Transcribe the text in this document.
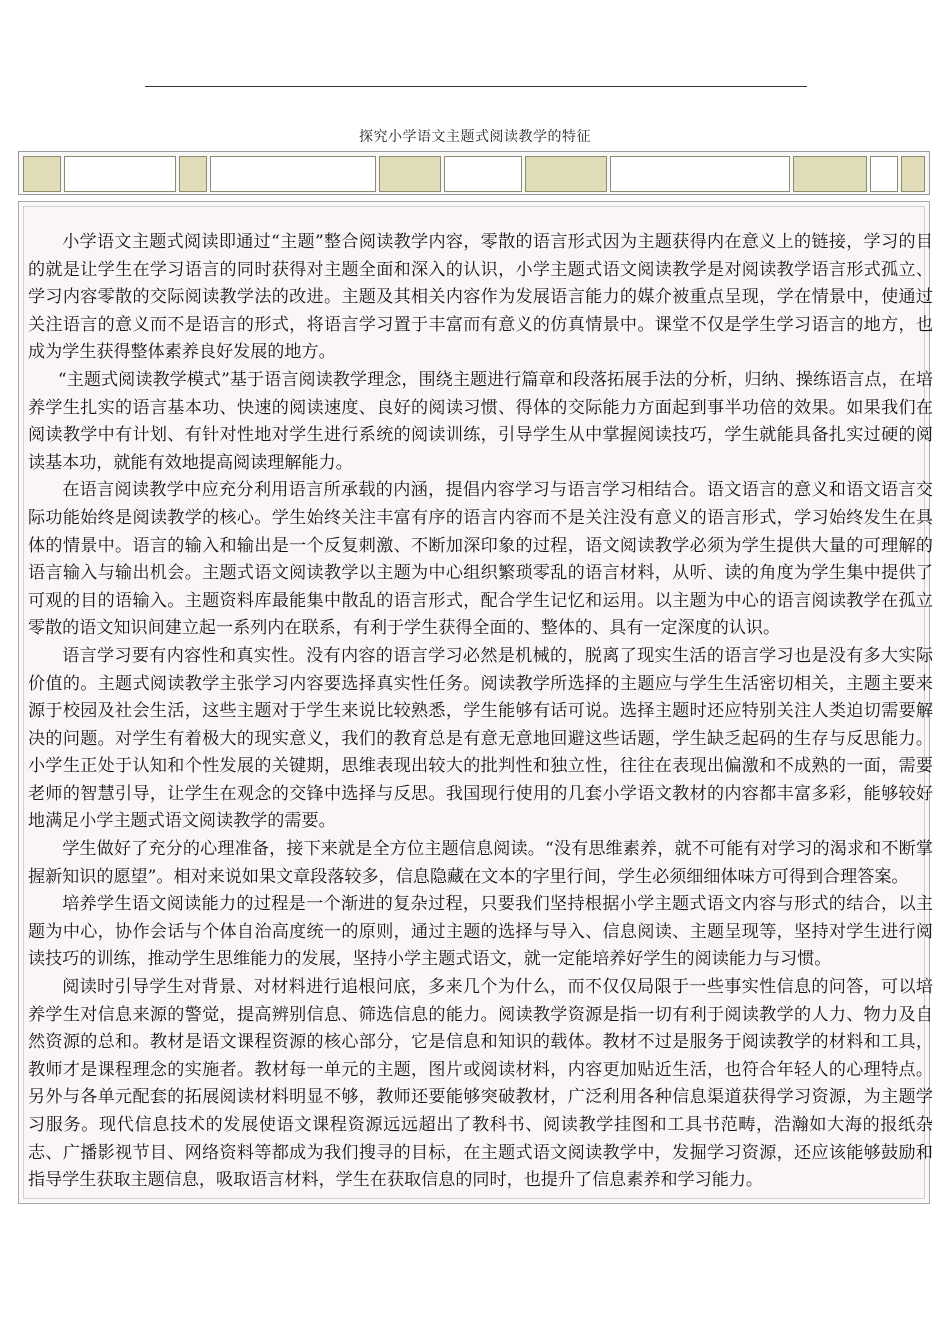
探究小学语文主题式阅读教学的特征

小学语文主题式阅读即通过“主题”整合阅读教学内容，零散的语言形式因为主题获得内在意义上的链接，学习的目的就是让学生在学习语言的同时获得对主题全面和深入的认识，小学主题式语文阅读教学是对阅读教学语言形式孤立、学习内容零散的交际阅读教学法的改进。主题及其相关内容作为发展语言能力的媒介被重点呈现，学在情景中，使通过关注语言的意义而不是语言的形式，将语言学习置于丰富而有意义的仿真情景中。课堂不仅是学生学习语言的地方，也成为学生获得整体素养良好发展的地方。

“主题式阅读教学模式”基于语言阅读教学理念，围绕主题进行篇章和段落拓展手法的分析，归纳、操练语言点，在培养学生扎实的语言基本功、快速的阅读速度、良好的阅读习惯、得体的交际能力方面起到事半功倍的效果。如果我们在阅读教学中有计划、有针对性地对学生进行系统的阅读训练，引导学生从中掌握阅读技巧，学生就能具备扎实过硬的阅读基本功，就能有效地提高阅读理解能力。

在语言阅读教学中应充分利用语言所承载的内涵，提倡内容学习与语言学习相结合。语文语言的意义和语文语言交际功能始终是阅读教学的核心。学生始终关注丰富有序的语言内容而不是关注没有意义的语言形式，学习始终发生在具体的情景中。语言的输入和输出是一个反复刺激、不断加深印象的过程，语文阅读教学必须为学生提供大量的可理解的语言输入与输出机会。主题式语文阅读教学以主题为中心组织繁琐零乱的语言材料，从听、读的角度为学生集中提供了可观的目的语输入。主题资料库最能集中散乱的语言形式，配合学生记忆和运用。以主题为中心的语言阅读教学在孤立零散的语文知识间建立起一系列内在联系，有利于学生获得全面的、整体的、具有一定深度的认识。

语言学习要有内容性和真实性。没有内容的语言学习必然是机械的，脱离了现实生活的语言学习也是没有多大实际价值的。主题式阅读教学主张学习内容要选择真实性任务。阅读教学所选择的主题应与学生生活密切相关，主题主要来源于校园及社会生活，这些主题对于学生来说比较熟悉，学生能够有话可说。选择主题时还应特别关注人类迫切需要解决的问题。对学生有着极大的现实意义，我们的教育总是有意无意地回避这些话题，学生缺乏起码的生存与反思能力。小学生正处于认知和个性发展的关键期，思维表现出较大的批判性和独立性，往往在表现出偏激和不成熟的一面，需要老师的智慧引导，让学生在观念的交锋中选择与反思。我国现行使用的几套小学语文教材的内容都丰富多彩，能够较好地满足小学主题式语文阅读教学的需要。

学生做好了充分的心理准备，接下来就是全方位主题信息阅读。“没有思维素养，就不可能有对学习的渴求和不断掌握新知识的愿望”。相对来说如果文章段落较多，信息隐藏在文本的字里行间，学生必须细细体味方可得到合理答案。

培养学生语文阅读能力的过程是一个渐进的复杂过程，只要我们坚持根据小学主题式语文内容与形式的结合，以主题为中心，协作会话与个体自治高度统一的原则，通过主题的选择与导入、信息阅读、主题呈现等，坚持对学生进行阅读技巧的训练，推动学生思维能力的发展，坚持小学主题式语文，就一定能培养好学生的阅读能力与习惯。

阅读时引导学生对背景、对材料进行追根问底，多来几个为什么，而不仅仅局限于一些事实性信息的问答，可以培养学生对信息来源的警觉，提高辨别信息、筛选信息的能力。阅读教学资源是指一切有利于阅读教学的人力、物力及自然资源的总和。教材是语文课程资源的核心部分，它是信息和知识的载体。教材不过是服务于阅读教学的材料和工具，教师才是课程理念的实施者。教材每一单元的主题，图片或阅读材料，内容更加贴近生活，也符合年轻人的心理特点。另外与各单元配套的拓展阅读材料明显不够，教师还要能够突破教材，广泛利用各种信息渠道获得学习资源，为主题学习服务。现代信息技术的发展使语文课程资源远远超出了教科书、阅读教学挂图和工具书范畴，浩瀚如大海的报纸杂志、广播影视节目、网络资料等都成为我们搜寻的目标，在主题式语文阅读教学中，发掘学习资源，还应该能够鼓励和指导学生获取主题信息，吸取语言材料，学生在获取信息的同时，也提升了信息素养和学习能力。
